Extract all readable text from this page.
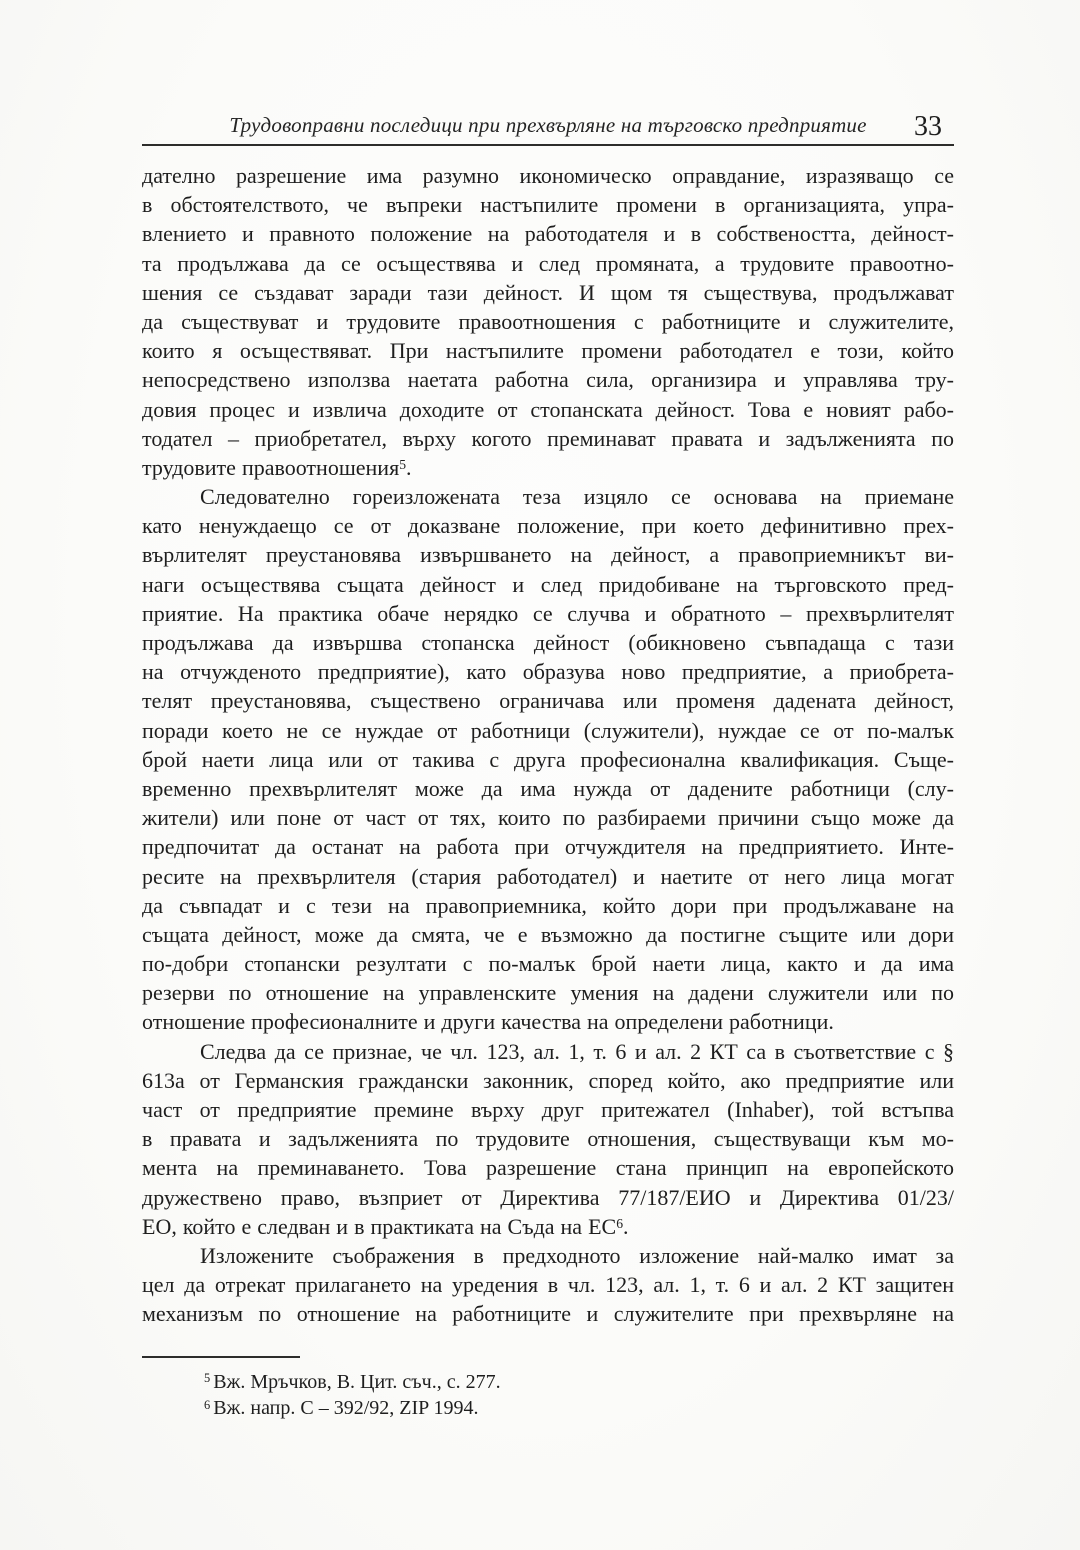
Трудовоправни последици при прехвърляне на търговско предприятие	33
дателно разрешение има разумно икономическо оправдание, изразяващо се
в обстоятелството, че въпреки настъпилите промени в организацията, упра-
влението и правното положение на работодателя и в собствеността, дейност-
та продължава да се осъществява и след промяната, а трудовите правоотно-
шения се създават заради тази дейност. И щом тя съществува, продължават
да съществуват и трудовите правоотношения с работниците и служителите,
които я осъществяват. При настъпилите промени работодател е този, който
непосредствено използва наетата работна сила, организира и управлява тру-
довия процес и извлича доходите от стопанската дейност. Това е новият рабо-
тодател – приобретател, върху когото преминават правата и задълженията по
трудовите правоотношения$^5$.
Следователно гореизложената теза изцяло се основава на приемане
като ненуждаещо се от доказване положение, при което дефинитивно прех-
върлителят преустановява извършването на дейност, а правоприемникът ви-
наги осъществява същата дейност и след придобиване на търговското пред-
приятие. На практика обаче нерядко се случва и обратното – прехвърлителят
продължава да извършва стопанска дейност (обикновено съвпадаща с тази
на отчужденото предприятие), като образува ново предприятие, а приобрета-
телят преустановява, съществено ограничава или променя дадената дейност,
поради което не се нуждае от работници (служители), нуждае се от по-малък
брой наети лица или от такива с друга професионална квалификация. Съще-
временно прехвърлителят може да има нужда от дадените работници (слу-
жители) или поне от част от тях, които по разбираеми причини също може да
предпочитат да останат на работа при отчуждителя на предприятието. Инте-
ресите на прехвърлителя (стария работодател) и наетите от него лица могат
да съвпадат и с тези на правоприемника, който дори при продължаване на
същата дейност, може да смята, че е възможно да постигне същите или дори
по-добри стопански резултати с по-малък брой наети лица, както и да има
резерви по отношение на управленските умения на дадени служители или по
отношение професионалните и други качества на определени работници.
Следва да се признае, че чл. 123, ал. 1, т. 6 и ал. 2 КТ са в съответствие с §
613а от Германския граждански законник, според който, ако предприятие или
част от предприятие премине върху друг притежател (Inhaber), той встъпва
в правата и задълженията по трудовите отношения, съществуващи към мо-
мента на преминаването. Това разрешение стана принцип на европейското
дружествено право, възприет от Директива 77/187/ЕИО и Директива 01/23/
ЕО, който е следван и в практиката на Съда на ЕС$^6$.
Изложените съображения в предходното изложение най-малко имат за
цел да отрекат прилагането на уредения в чл. 123, ал. 1, т. 6 и ал. 2 КТ защитен
механизъм по отношение на работниците и служителите при прехвърляне на
$^5$ Вж. Мръчков, В. Цит. съч., с. 277.
$^6$ Вж. напр. С – 392/92, ZIP 1994.
